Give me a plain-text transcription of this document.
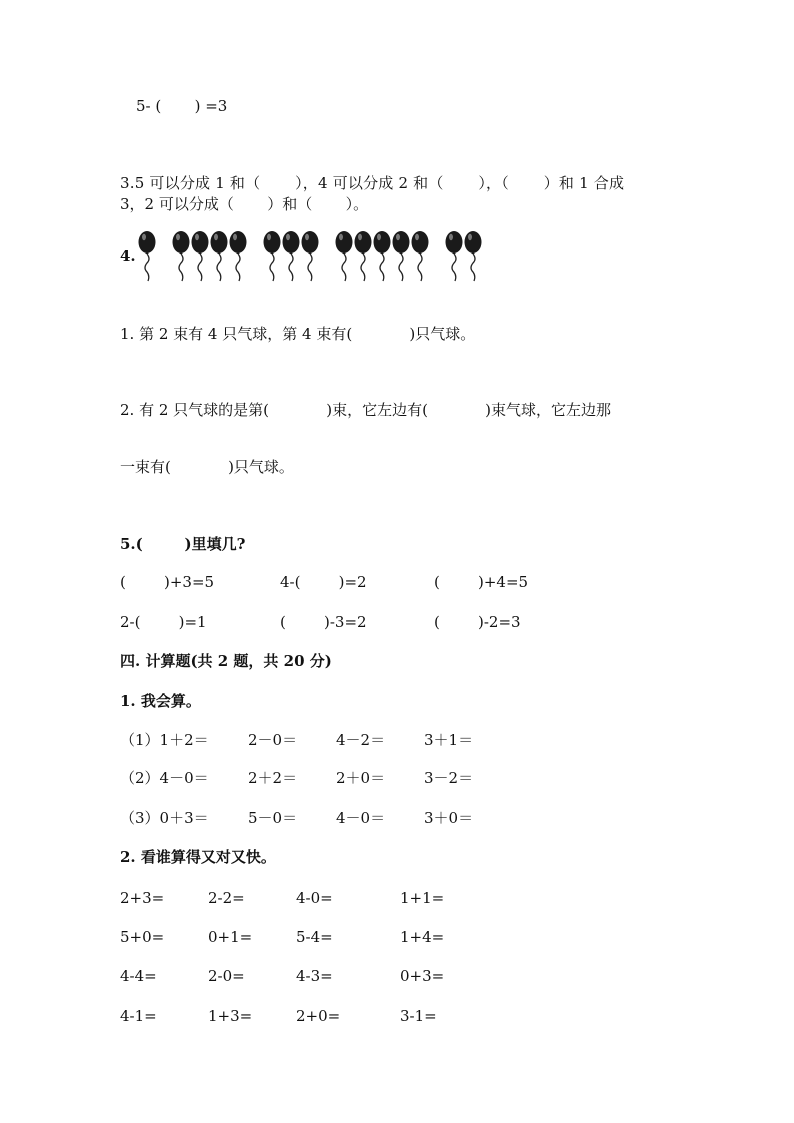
5- (       ) =3
3.5 可以分成 1 和（       ），4 可以分成 2 和（       ），（       ）和 1 合成
3，2 可以分成（       ）和（       ）。
4.
1. 第 2 束有 4 只气球，第 4 束有(            )只气球。
2. 有 2 只气球的是第(            )束，它左边有(            )束气球，它左边那
一束有(            )只气球。
5.(        )里填几?
(        )+3=5	4-(        )=2	(        )+4=5
2-(        )=1	(        )-3=2	(        )-2=3
四. 计算题(共 2 题，共 20 分)
1. 我会算。
（1）1＋2＝	2－0＝	4－2＝	3＋1＝
（2）4－0＝	2＋2＝	2＋0＝	3－2＝
（3）0＋3＝	5－0＝	4－0＝	3＋0＝
2. 看谁算得又对又快。
2+3=	2-2=	4-0=	1+1=
5+0=	0+1=	5-4=	1+4=
4-4=	2-0=	4-3=	0+3=
4-1=	1+3=	2+0=	3-1=
